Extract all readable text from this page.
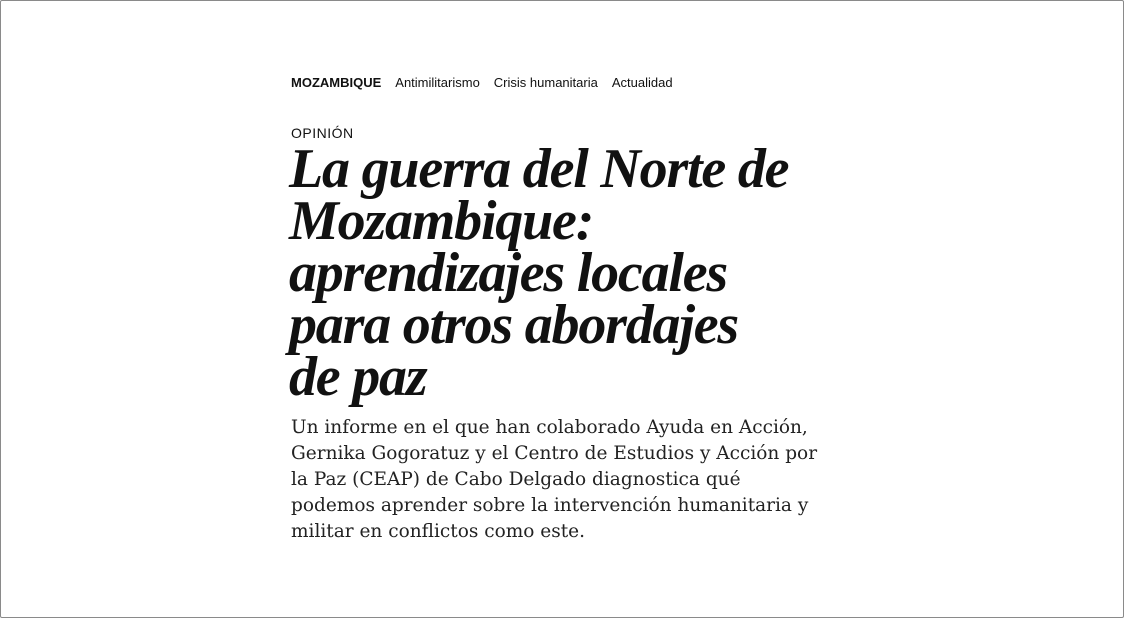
MOZAMBIQUE Antimilitarismo Crisis humanitaria Actualidad
OPINIÓN
La guerra del Norte de
Mozambique:
aprendizajes locales
para otros abordajes
de paz

Un informe en el que han colaborado Ayuda en Acción,
Gernika Gogoratuz y el Centro de Estudios y Acción por
la Paz (CEAP) de Cabo Delgado diagnostica qué
podemos aprender sobre la intervención humanitaria y
militar en conflictos como este.
